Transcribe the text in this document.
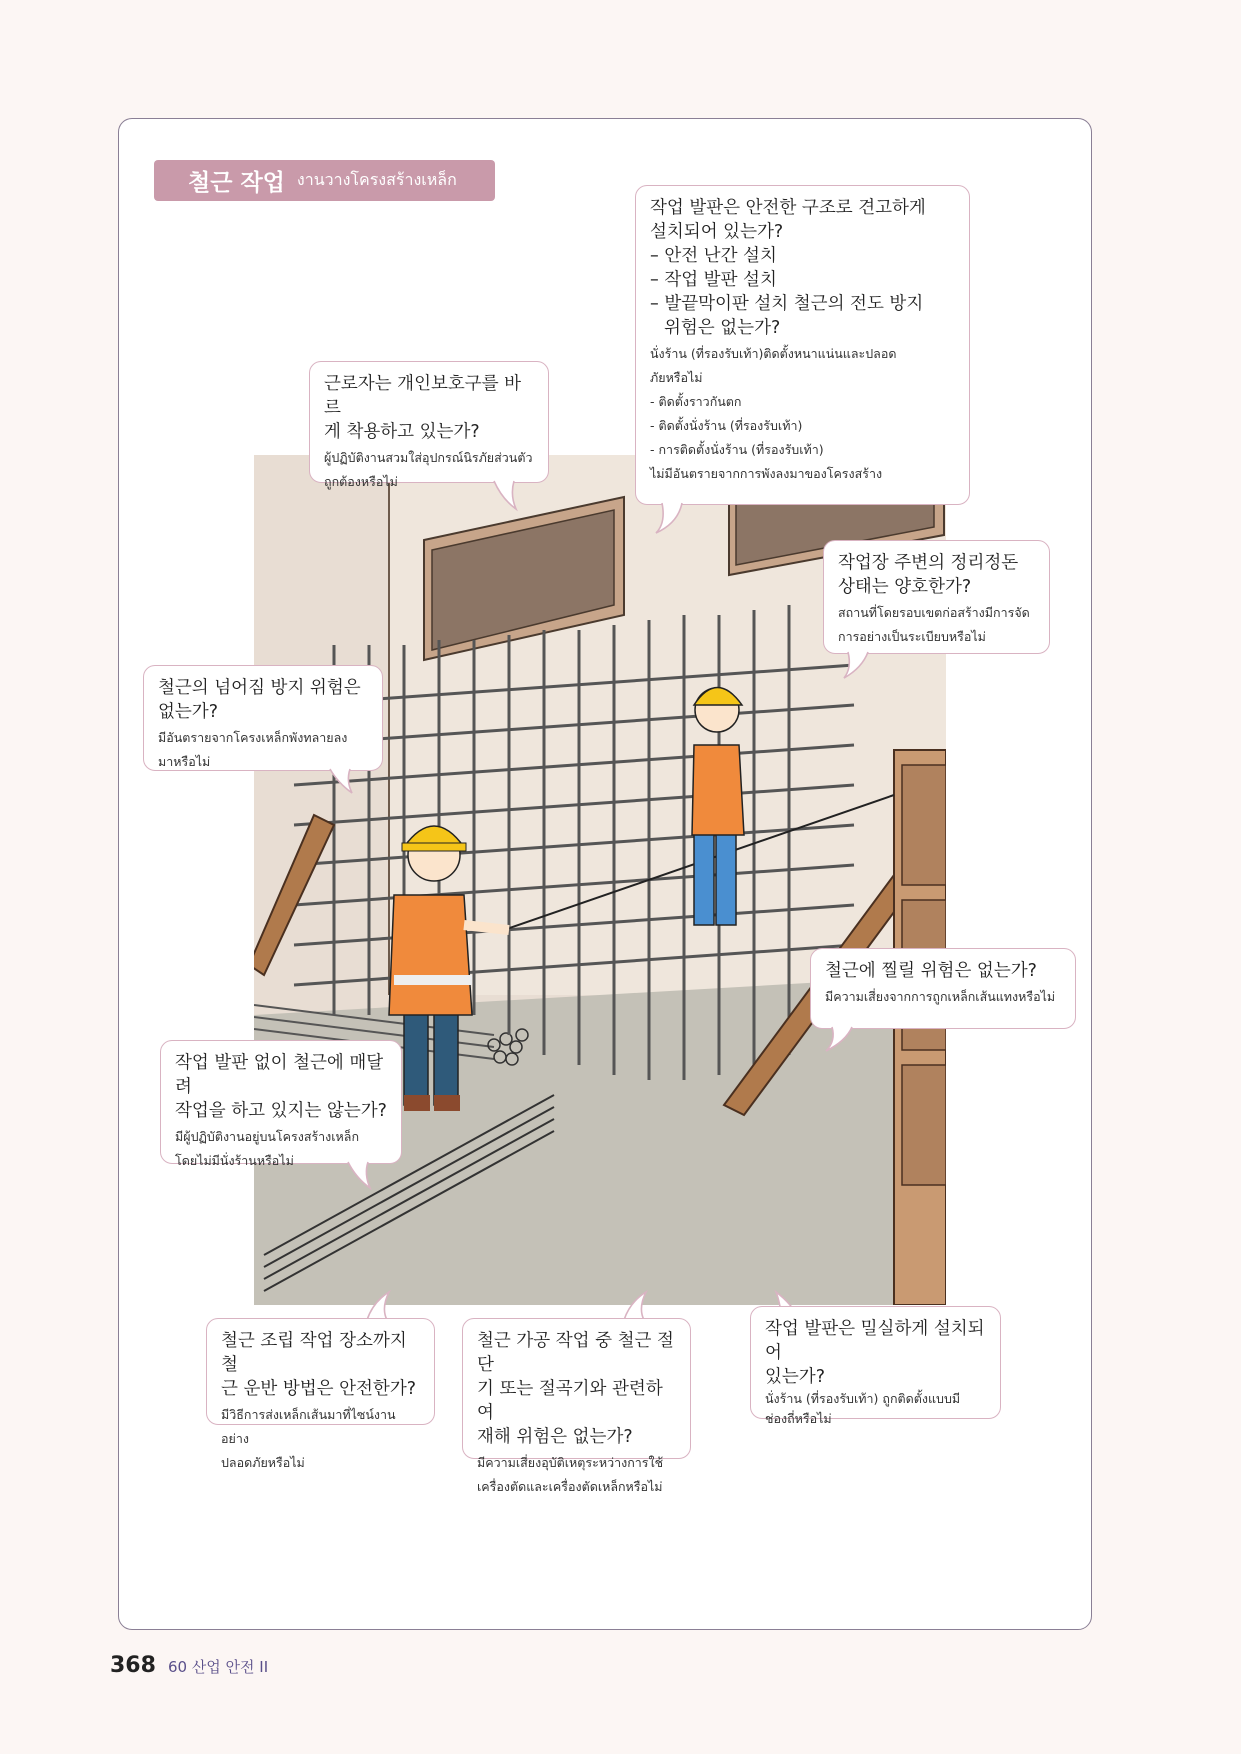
철근 작업 งานวางโครงสร้างเหล็ก
작업 발판은 안전한 구조로 견고하게
설치되어 있는가?
– 안전 난간 설치
– 작업 발판 설치
– 발끝막이판 설치 철근의 전도 방지
위험은 없는가?
นั่งร้าน (ที่รองรับเท้า)ติดตั้งหนาแน่นและปลอด
ภัยหรือไม่
- ติดตั้งราวกันตก
- ติดตั้งนั่งร้าน (ที่รองรับเท้า)
- การติดตั้งนั่งร้าน (ที่รองรับเท้า)
ไม่มีอันตรายจากการพังลงมาของโครงสร้าง
근로자는 개인보호구를 바르
게 착용하고 있는가?
ผู้ปฏิบัติงานสวมใส่อุปกรณ์นิรภัยส่วนตัว
ถูกต้องหรือไม่
작업장 주변의 정리정돈
상태는 양호한가?
สถานที่โดยรอบเขตก่อสร้างมีการจัด
การอย่างเป็นระเบียบหรือไม่
철근의 넘어짐 방지 위험은
없는가?
มีอันตรายจากโครงเหล็กพังทลายลง
มาหรือไม่
철근에 찔릴 위험은 없는가?
มีความเสี่ยงจากการถูกเหล็กเส้นแทงหรือไม่
작업 발판 없이 철근에 매달려
작업을 하고 있지는 않는가?
มีผู้ปฏิบัติงานอยู่บนโครงสร้างเหล็ก
โดยไม่มีนั่งร้านหรือไม่
철근 조립 작업 장소까지 철
근 운반 방법은 안전한가?
มีวิธีการส่งเหล็กเส้นมาที่ไซน์งานอย่าง
ปลอดภัยหรือไม่
철근 가공 작업 중 철근 절단
기 또는 절곡기와 관련하여
재해 위험은 없는가?
มีความเสี่ยงอุบัติเหตุระหว่างการใช้
เครื่องตัดและเครื่องตัดเหล็กหรือไม่
작업 발판은 밀실하게 설치되어
있는가?
นั่งร้าน (ที่รองรับเท้า) ถูกติดตั้งแบบมี
ช่องถี่หรือไม่
368 60 산업 안전 II
